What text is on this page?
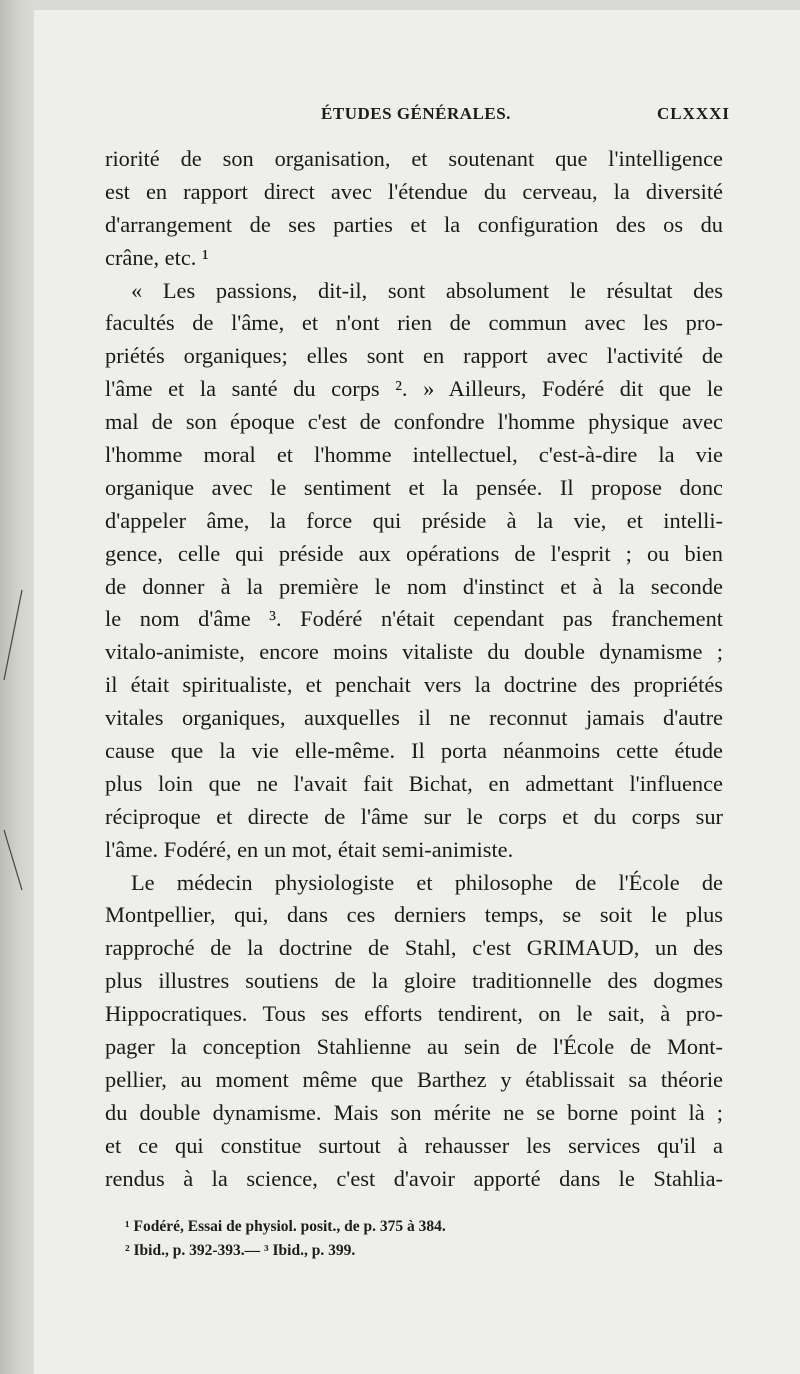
ÉTUDES GÉNÉRALES.	CLXXXI
riorité de son organisation, et soutenant que l'intelligence
est en rapport direct avec l'étendue du cerveau, la diversité
d'arrangement de ses parties et la configuration des os du
crâne, etc. ¹
« Les passions, dit-il, sont absolument le résultat des
facultés de l'âme, et n'ont rien de commun avec les pro-
priétés organiques; elles sont en rapport avec l'activité de
l'âme et la santé du corps ². » Ailleurs, Fodéré dit que le
mal de son époque c'est de confondre l'homme physique avec
l'homme moral et l'homme intellectuel, c'est-à-dire la vie
organique avec le sentiment et la pensée. Il propose donc
d'appeler âme, la force qui préside à la vie, et intelli-
gence, celle qui préside aux opérations de l'esprit ; ou bien
de donner à la première le nom d'instinct et à la seconde
le nom d'âme ³. Fodéré n'était cependant pas franchement
vitalo-animiste, encore moins vitaliste du double dynamisme ;
il était spiritualiste, et penchait vers la doctrine des propriétés
vitales organiques, auxquelles il ne reconnut jamais d'autre
cause que la vie elle-même. Il porta néanmoins cette étude
plus loin que ne l'avait fait Bichat, en admettant l'influence
réciproque et directe de l'âme sur le corps et du corps sur
l'âme. Fodéré, en un mot, était semi-animiste.
Le médecin physiologiste et philosophe de l'École de
Montpellier, qui, dans ces derniers temps, se soit le plus
rapproché de la doctrine de Stahl, c'est GRIMAUD, un des
plus illustres soutiens de la gloire traditionnelle des dogmes
Hippocratiques. Tous ses efforts tendirent, on le sait, à pro-
pager la conception Stahlienne au sein de l'École de Mont-
pellier, au moment même que Barthez y établissait sa théorie
du double dynamisme. Mais son mérite ne se borne point là ;
et ce qui constitue surtout à rehausser les services qu'il a
rendus à la science, c'est d'avoir apporté dans le Stahlia-
¹ Fodéré, Essai de physiol. posit., de p. 375 à 384.
² Ibid., p. 392-393.— ³ Ibid., p. 399.
